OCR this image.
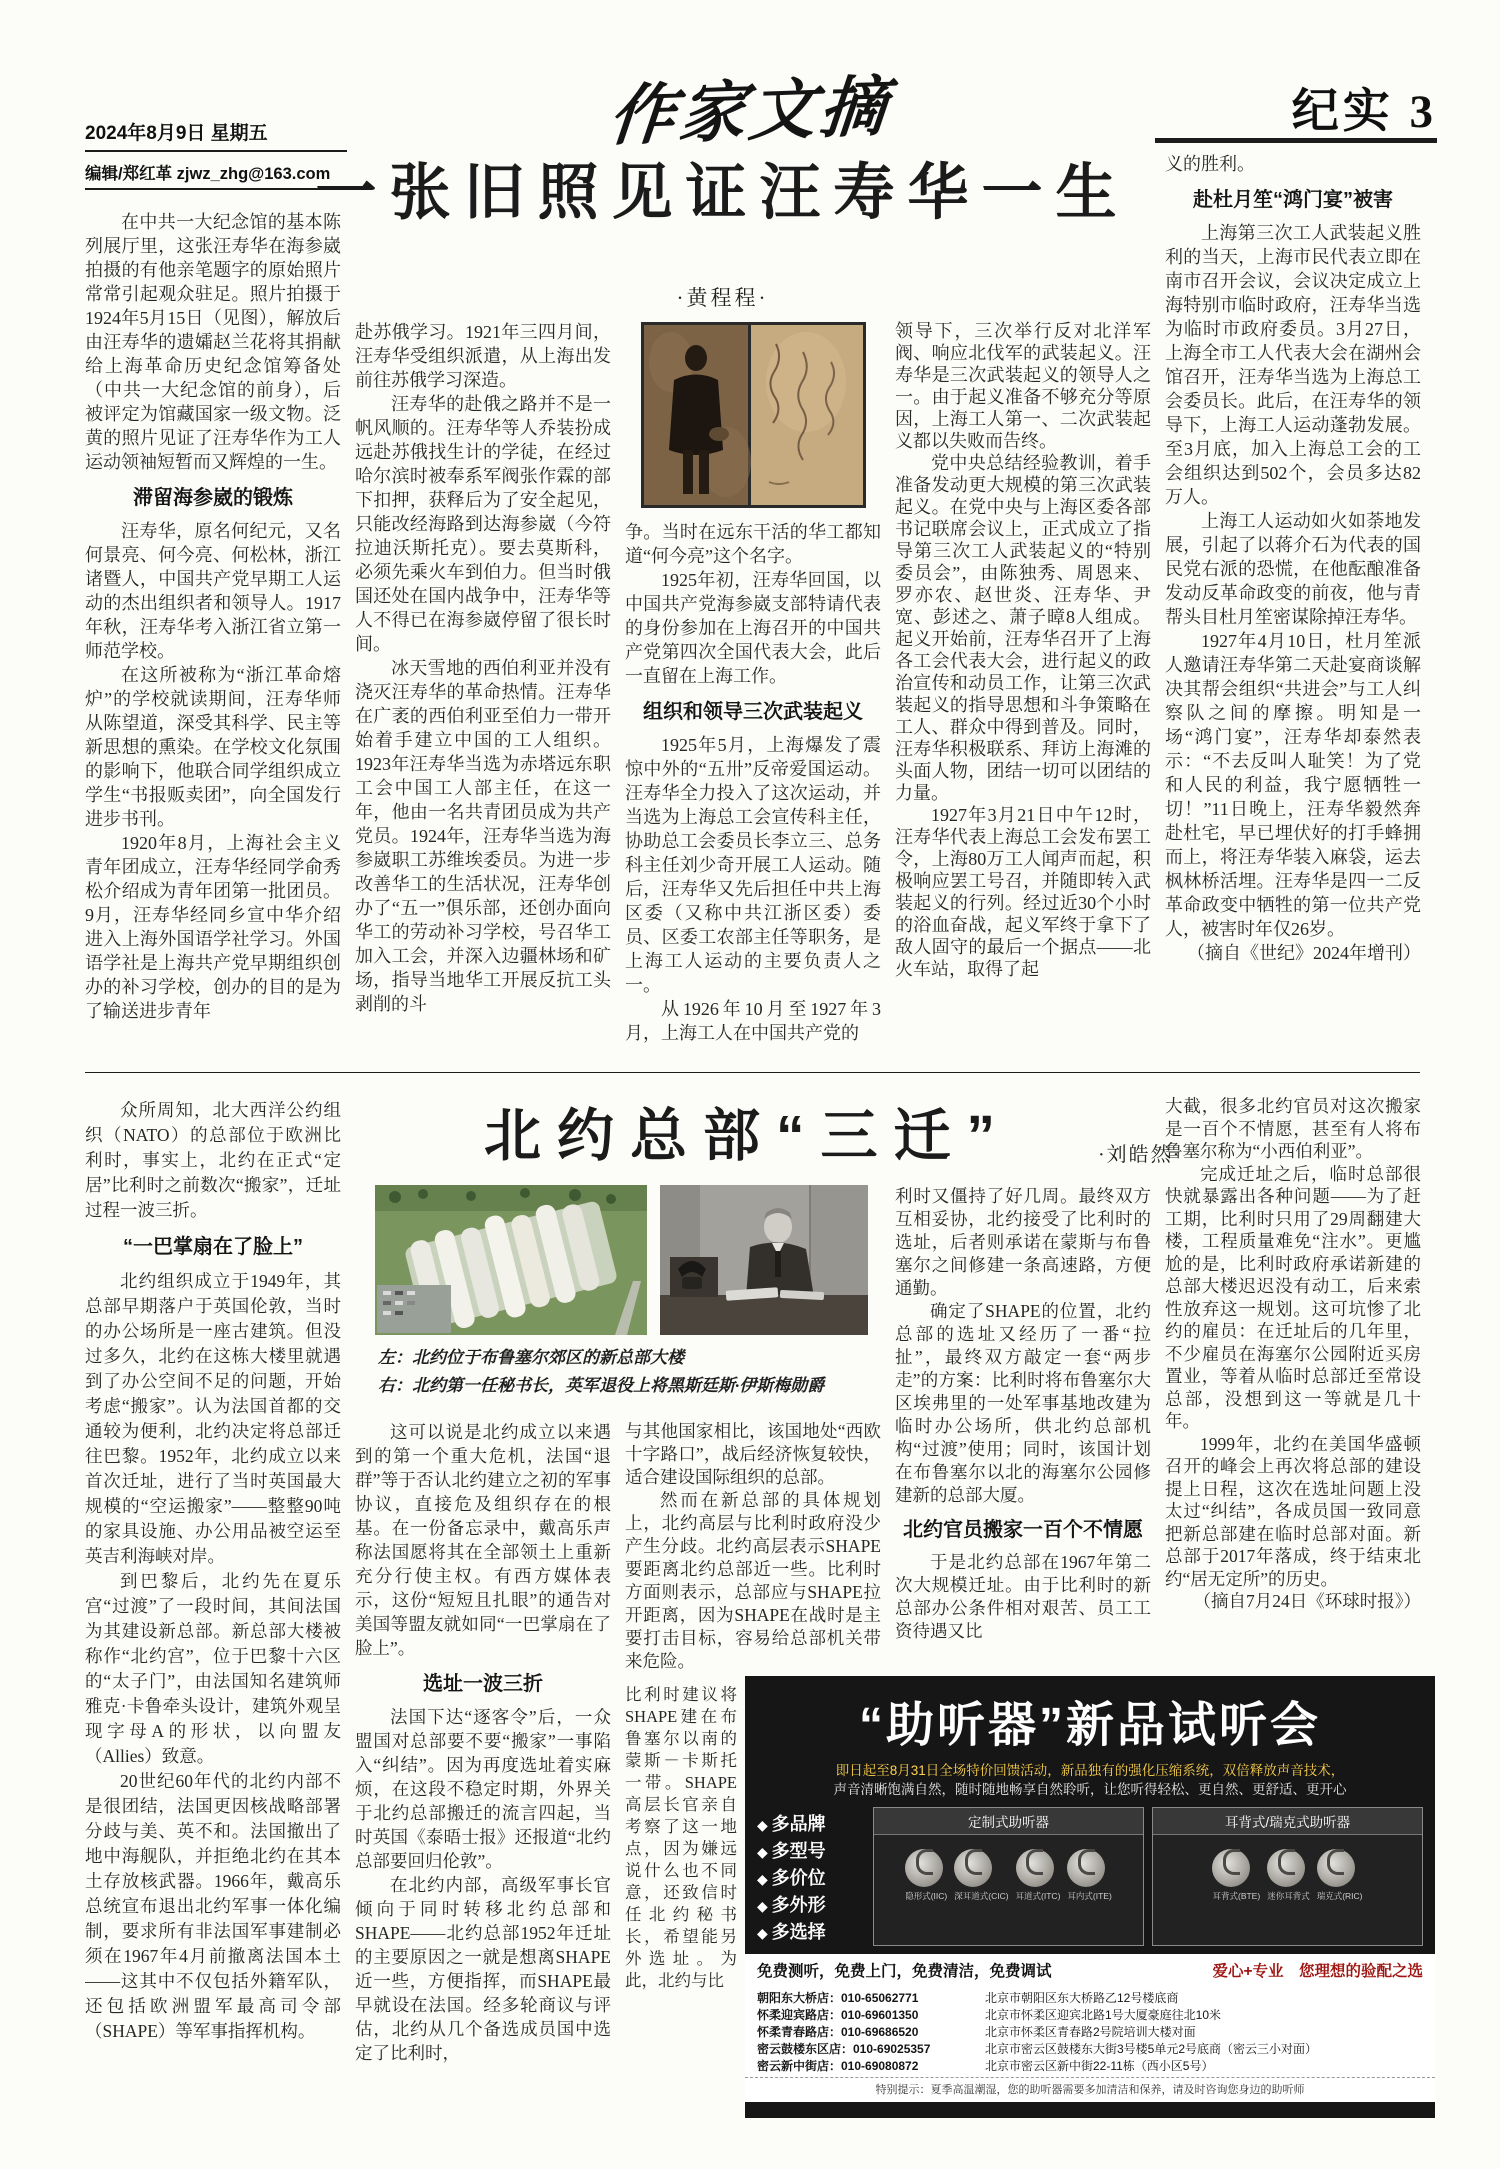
2024年8月9日 星期五
编辑/郑红革 zjwz_zhg@163.com
作家文摘	纪实 3
一张旧照见证汪寿华一生
·黄程程·

在中共一大纪念馆的基本陈列展厅里，这张汪寿华在海参崴拍摄的有他亲笔题字的原始照片常常引起观众驻足。照片拍摄于1924年5月15日（见图），解放后由汪寿华的遗孀赵兰花将其捐献给上海革命历史纪念馆筹备处（中共一大纪念馆的前身），后被评定为馆藏国家一级文物。泛黄的照片见证了汪寿华作为工人运动领袖短暂而又辉煌的一生。

滞留海参崴的锻炼

汪寿华，原名何纪元，又名何景亮、何今亮、何松林，浙江诸暨人，中国共产党早期工人运动的杰出组织者和领导人。1917年秋，汪寿华考入浙江省立第一师范学校。

在这所被称为“浙江革命熔炉”的学校就读期间，汪寿华师从陈望道，深受其科学、民主等新思想的熏染。在学校文化氛围的影响下，他联合同学组织成立学生“书报贩卖团”，向全国发行进步书刊。

1920年8月，上海社会主义青年团成立，汪寿华经同学俞秀松介绍成为青年团第一批团员。9月，汪寿华经同乡宣中华介绍进入上海外国语学社学习。外国语学社是上海共产党早期组织创办的补习学校，创办的目的是为了输送进步青年

赴苏俄学习。1921年三四月间，汪寿华受组织派遣，从上海出发前往苏俄学习深造。

汪寿华的赴俄之路并不是一帆风顺的。汪寿华等人乔装扮成远赴苏俄找生计的学徒，在经过哈尔滨时被奉系军阀张作霖的部下扣押，获释后为了安全起见，只能改经海路到达海参崴（今符拉迪沃斯托克）。要去莫斯科，必须先乘火车到伯力。但当时俄国还处在国内战争中，汪寿华等人不得已在海参崴停留了很长时间。

冰天雪地的西伯利亚并没有浇灭汪寿华的革命热情。汪寿华在广袤的西伯利亚至伯力一带开始着手建立中国的工人组织。1923年汪寿华当选为赤塔远东职工会中国工人部主任，在这一年，他由一名共青团员成为共产党员。1924年，汪寿华当选为海参崴职工苏维埃委员。为进一步改善华工的生活状况，汪寿华创办了“五一”俱乐部，还创办面向华工的劳动补习学校，号召华工加入工会，并深入边疆林场和矿场，指导当地华工开展反抗工头剥削的斗

争。当时在远东干活的华工都知道“何今亮”这个名字。

1925年初，汪寿华回国，以中国共产党海参崴支部特请代表的身份参加在上海召开的中国共产党第四次全国代表大会，此后一直留在上海工作。

组织和领导三次武装起义

1925年5月，上海爆发了震惊中外的“五卅”反帝爱国运动。汪寿华全力投入了这次运动，并当选为上海总工会宣传科主任，协助总工会委员长李立三、总务科主任刘少奇开展工人运动。随后，汪寿华又先后担任中共上海区委（又称中共江浙区委）委员、区委工农部主任等职务，是上海工人运动的主要负责人之一。

从1926年10月至1927年3月，上海工人在中国共产党的

领导下，三次举行反对北洋军阀、响应北伐军的武装起义。汪寿华是三次武装起义的领导人之一。由于起义准备不够充分等原因，上海工人第一、二次武装起义都以失败而告终。

党中央总结经验教训，着手准备发动更大规模的第三次武装起义。在党中央与上海区委各部书记联席会议上，正式成立了指导第三次工人武装起义的“特别委员会”，由陈独秀、周恩来、罗亦农、赵世炎、汪寿华、尹宽、彭述之、萧子暲8人组成。起义开始前，汪寿华召开了上海各工会代表大会，进行起义的政治宣传和动员工作，让第三次武装起义的指导思想和斗争策略在工人、群众中得到普及。同时，汪寿华积极联系、拜访上海滩的头面人物，团结一切可以团结的力量。

1927年3月21日中午12时，汪寿华代表上海总工会发布罢工令，上海80万工人闻声而起，积极响应罢工号召，并随即转入武装起义的行列。经过近30个小时的浴血奋战，起义军终于拿下了敌人固守的最后一个据点——北火车站，取得了起

义的胜利。

赴杜月笙“鸿门宴”被害

上海第三次工人武装起义胜利的当天，上海市民代表立即在南市召开会议，会议决定成立上海特别市临时政府，汪寿华当选为临时市政府委员。3月27日，上海全市工人代表大会在湖州会馆召开，汪寿华当选为上海总工会委员长。此后，在汪寿华的领导下，上海工人运动蓬勃发展。至3月底，加入上海总工会的工会组织达到502个，会员多达82万人。

上海工人运动如火如荼地发展，引起了以蒋介石为代表的国民党右派的恐慌，在他酝酿准备发动反革命政变的前夜，他与青帮头目杜月笙密谋除掉汪寿华。

1927年4月10日，杜月笙派人邀请汪寿华第二天赴宴商谈解决其帮会组织“共进会”与工人纠察队之间的摩擦。明知是一场“鸿门宴”，汪寿华却泰然表示：“不去反叫人耻笑！为了党和人民的利益，我宁愿牺牲一切！”11日晚上，汪寿华毅然奔赴杜宅，早已埋伏好的打手蜂拥而上，将汪寿华装入麻袋，运去枫林桥活埋。汪寿华是四一二反革命政变中牺牲的第一位共产党人，被害时年仅26岁。

（摘自《世纪》2024年增刊）

北约总部“三迁”	·刘皓然·
左：北约位于布鲁塞尔郊区的新总部大楼
右：北约第一任秘书长，英军退役上将黑斯廷斯·伊斯梅勋爵

众所周知，北大西洋公约组织（NATO）的总部位于欧洲比利时，事实上，北约在正式“定居”比利时之前数次“搬家”，迁址过程一波三折。

“一巴掌扇在了脸上”

北约组织成立于1949年，其总部早期落户于英国伦敦，当时的办公场所是一座古建筑。但没过多久，北约在这栋大楼里就遇到了办公空间不足的问题，开始考虑“搬家”。认为法国首都的交通较为便利，北约决定将总部迁往巴黎。1952年，北约成立以来首次迁址，进行了当时英国最大规模的“空运搬家”——整整90吨的家具设施、办公用品被空运至英吉利海峡对岸。

到巴黎后，北约先在夏乐宫“过渡”了一段时间，其间法国为其建设新总部。新总部大楼被称作“北约宫”，位于巴黎十六区的“太子门”，由法国知名建筑师雅克·卡鲁牵头设计，建筑外观呈现字母A的形状，以向盟友（Allies）致意。

20世纪60年代的北约内部不是很团结，法国更因核战略部署分歧与美、英不和。法国撤出了地中海舰队，并拒绝北约在其本土存放核武器。1966年，戴高乐总统宣布退出北约军事一体化编制，要求所有非法国军事建制必须在1967年4月前撤离法国本土——这其中不仅包括外籍军队，还包括欧洲盟军最高司令部（SHAPE）等军事指挥机构。

这可以说是北约成立以来遇到的第一个重大危机，法国“退群”等于否认北约建立之初的军事协议，直接危及组织存在的根基。在一份备忘录中，戴高乐声称法国愿将其在全部领土上重新充分行使主权。有西方媒体表示，这份“短短且扎眼”的通告对美国等盟友就如同“一巴掌扇在了脸上”。

选址一波三折

法国下达“逐客令”后，一众盟国对总部要不要“搬家”一事陷入“纠结”。因为再度选址着实麻烦，在这段不稳定时期，外界关于北约总部搬迁的流言四起，当时英国《泰晤士报》还报道“北约总部要回归伦敦”。

在北约内部，高级军事长官倾向于同时转移北约总部和SHAPE——北约总部1952年迁址的主要原因之一就是想离SHAPE近一些，方便指挥，而SHAPE最早就设在法国。经多轮商议与评估，北约从几个备选成员国中选定了比利时，

与其他国家相比，该国地处“西欧十字路口”，战后经济恢复较快，适合建设国际组织的总部。

然而在新总部的具体规划上，北约高层与比利时政府没少产生分歧。北约高层表示SHAPE要距离北约总部近一些。比利时方面则表示，总部应与SHAPE拉开距离，因为SHAPE在战时是主要打击目标，容易给总部机关带来危险。

比利时建议将SHAPE建在布鲁塞尔以南的蒙斯－卡斯托一带。SHAPE高层长官亲自考察了这一地点，因为嫌远说什么也不同意，还致信时任北约秘书长，希望能另外选址。为此，北约与比

利时又僵持了好几周。最终双方互相妥协，北约接受了比利时的选址，后者则承诺在蒙斯与布鲁塞尔之间修建一条高速路，方便通勤。

确定了SHAPE的位置，北约总部的选址又经历了一番“拉扯”，最终双方敲定一套“两步走”的方案：比利时将布鲁塞尔大区埃弗里的一处军事基地改建为临时办公场所，供北约总部机构“过渡”使用；同时，该国计划在布鲁塞尔以北的海塞尔公园修建新的总部大厦。

北约官员搬家一百个不情愿

于是北约总部在1967年第二次大规模迁址。由于比利时的新总部办公条件相对艰苦、员工工资待遇又比

大截，很多北约官员对这次搬家是一百个不情愿，甚至有人将布鲁塞尔称为“小西伯利亚”。

完成迁址之后，临时总部很快就暴露出各种问题——为了赶工期，比利时只用了29周翻建大楼，工程质量难免“注水”。更尴尬的是，比利时政府承诺新建的总部大楼迟迟没有动工，后来索性放弃这一规划。这可坑惨了北约的雇员：在迁址后的几年里，不少雇员在海塞尔公园附近买房置业，等着从临时总部迁至常设总部，没想到这一等就是几十年。

1999年，北约在美国华盛顿召开的峰会上再次将总部的建设提上日程，这次在选址问题上没太过“纠结”，各成员国一致同意把新总部建在临时总部对面。新总部于2017年落成，终于结束北约“居无定所”的历史。

（摘自7月24日《环球时报》）

“助听器”新品试听会
即日起至8月31日全场特价回馈活动，新品独有的强化压缩系统，双倍释放声音技术，
声音清晰饱满自然，随时随地畅享自然聆听，让您听得轻松、更自然、更舒适、更开心
◆ 多品牌
◆ 多型号
◆ 多价位
◆ 多外形
◆ 多选择
定制式助听器
隐形式(IIC) 深耳道式(CIC) 耳道式(ITC) 耳内式(ITE)
耳背式/瑞克式助听器
耳背式(BTE) 迷你耳背式 瑞克式(RIC)
免费测听，免费上门，免费清洁，免费调试	爱心+专业　您理想的验配之选
朝阳东大桥店：010-65062771	北京市朝阳区东大桥路乙12号楼底商
怀柔迎宾路店：010-69601350	北京市怀柔区迎宾北路1号大厦豪庭往北10米
怀柔青春路店：010-69686520	北京市怀柔区青春路2号院培训大楼对面
密云鼓楼东区店：010-69025357	北京市密云区鼓楼东大街3号楼5单元2号底商（密云三小对面）
密云新中街店：010-69080872	北京市密云区新中街22-11栋（西小区5号）
特别提示：夏季高温潮湿，您的助听器需要多加清洁和保养，请及时咨询您身边的助听师
